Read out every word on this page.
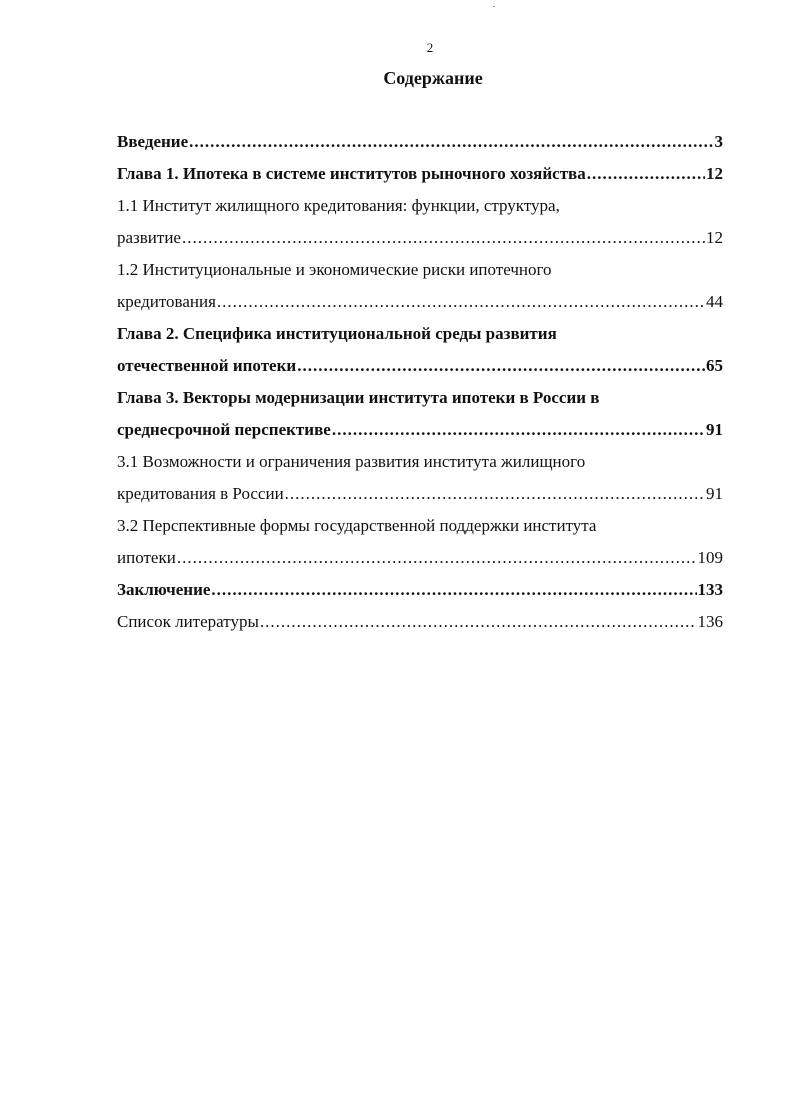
2
Содержание
Введение .....	3
Глава 1. Ипотека в системе институтов рыночного хозяйства .....	12
1.1 Институт жилищного кредитования: функции, структура,
развитие .....	12
1.2 Институциональные и экономические риски ипотечного
кредитования .....	44
Глава 2. Специфика институциональной среды развития
отечественной ипотеки .....	65
Глава 3. Векторы модернизации института ипотеки в России в
среднесрочной перспективе .....	91
3.1 Возможности и ограничения развития института жилищного
кредитования в России .....	91
3.2 Перспективные формы государственной поддержки института
ипотеки .....	109
Заключение .....	133
Список литературы .....	136
